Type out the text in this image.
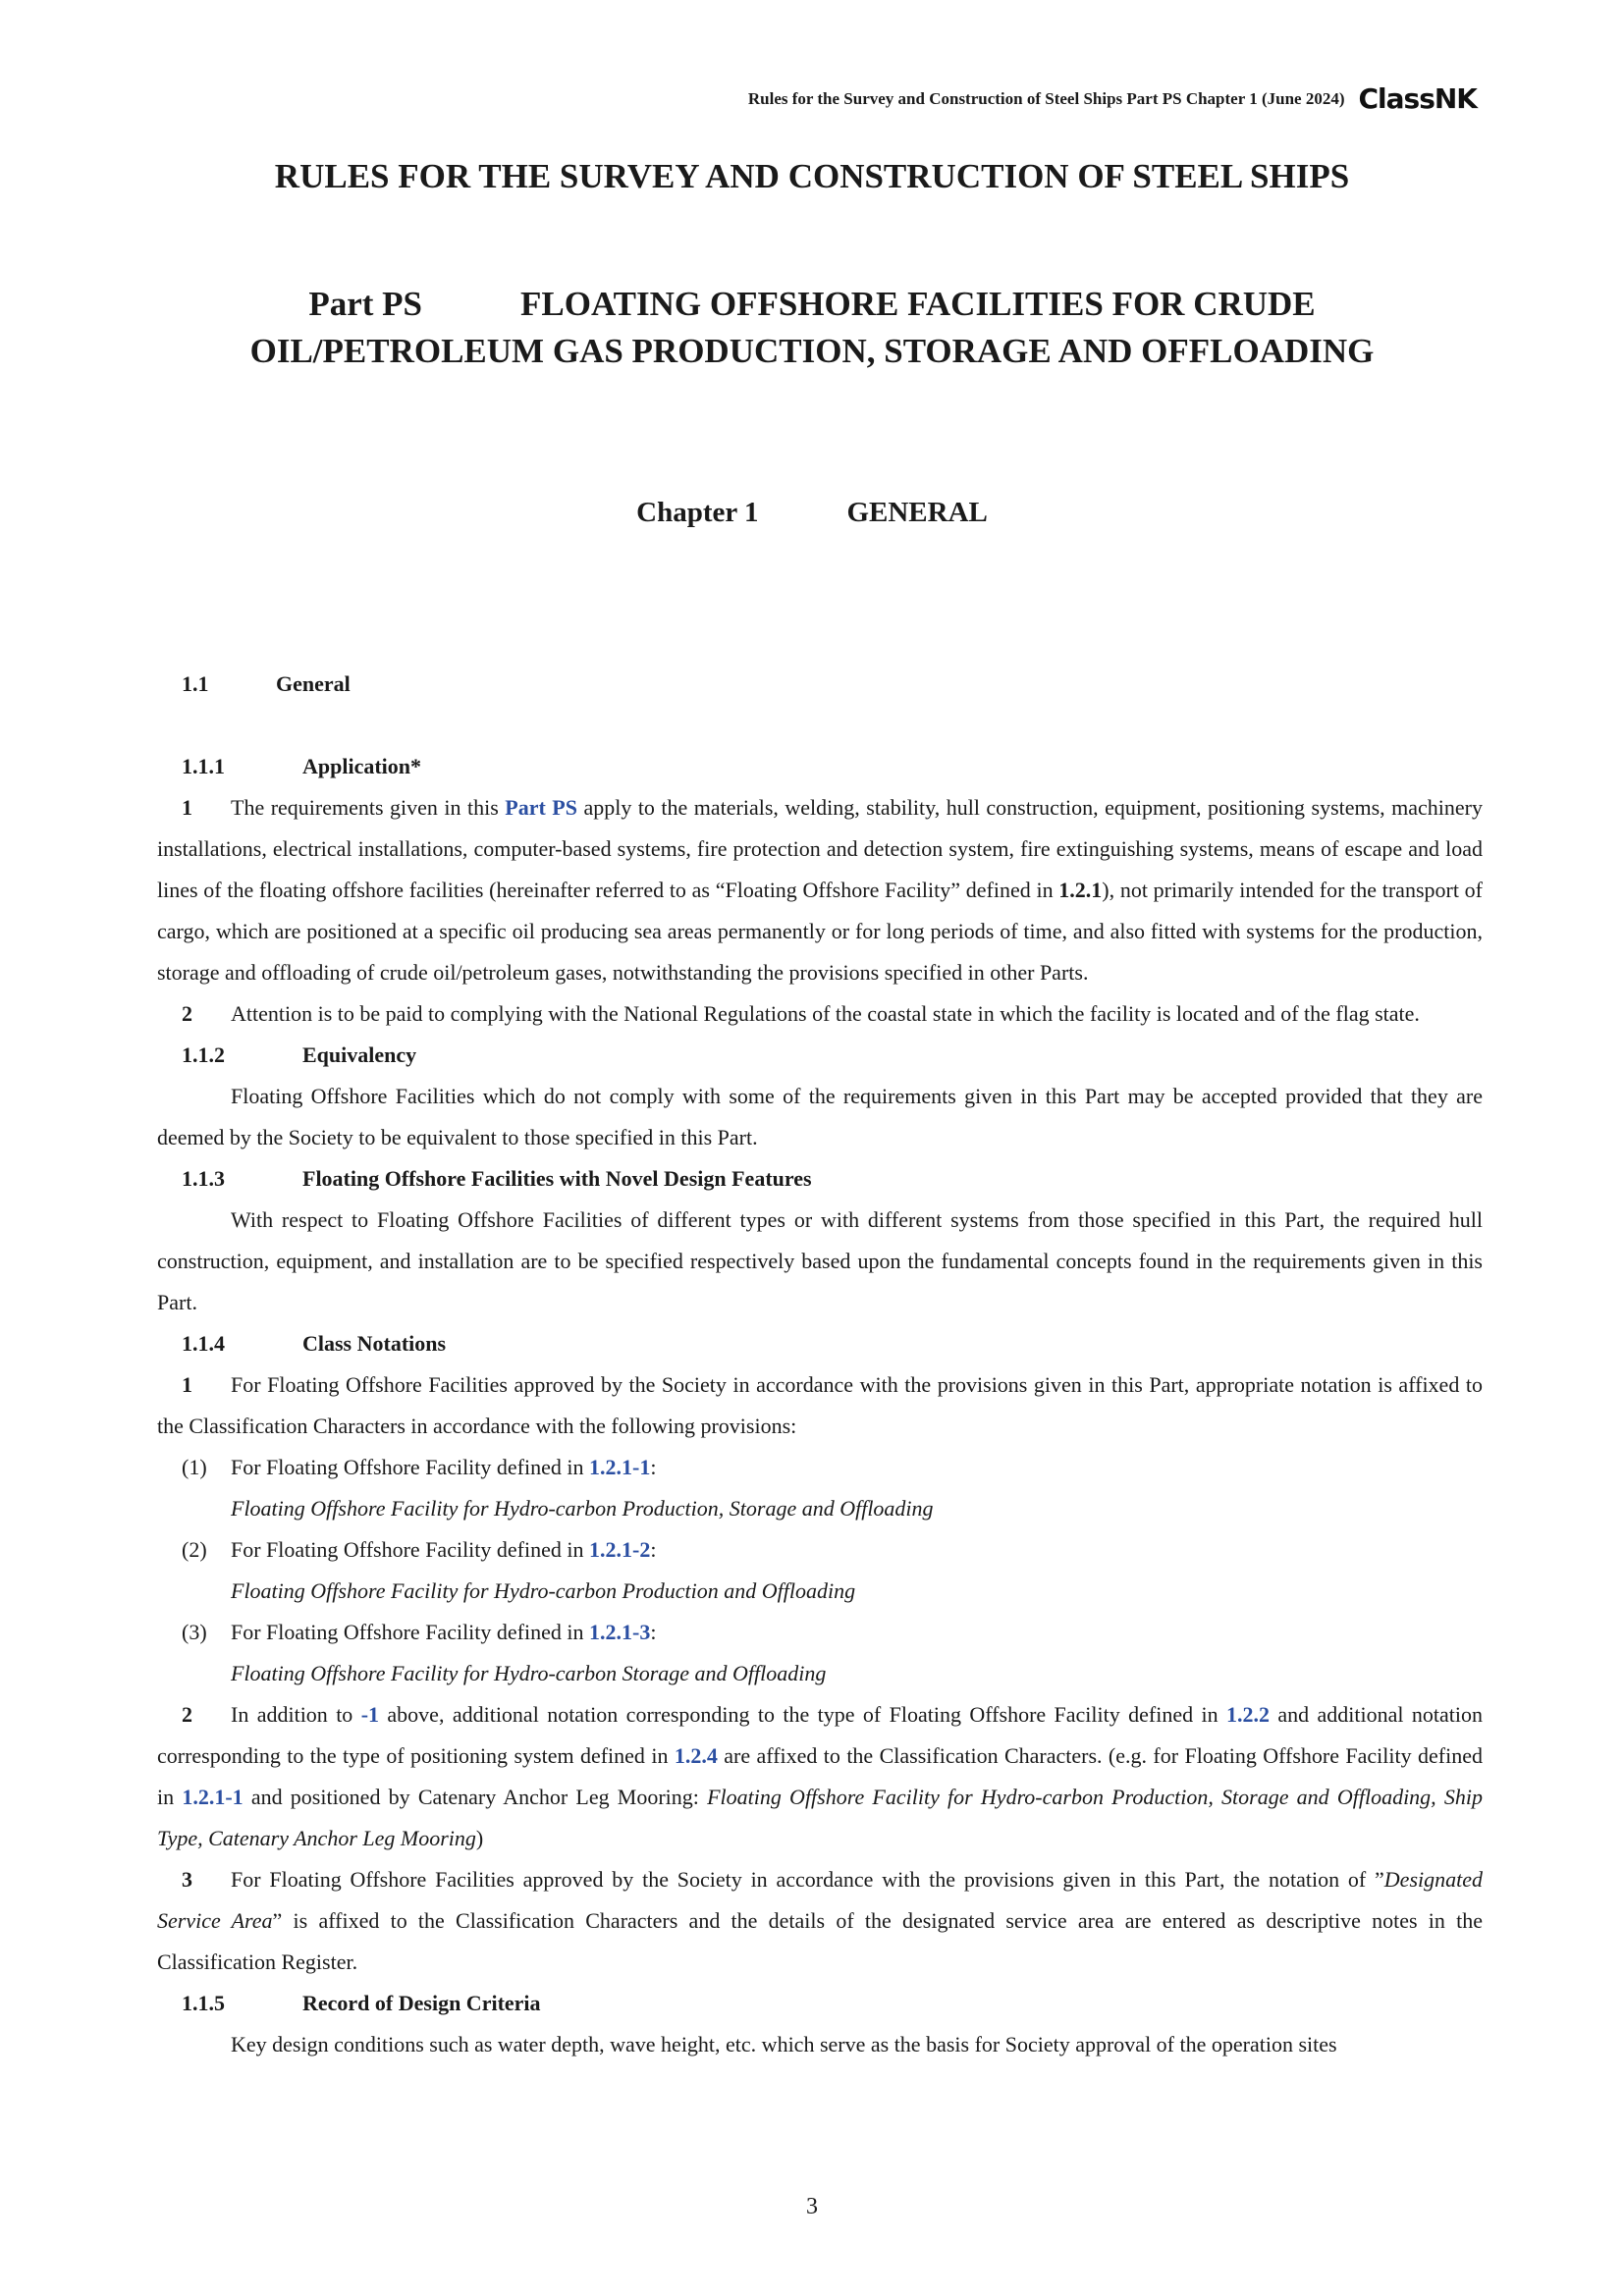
Rules for the Survey and Construction of Steel Ships Part PS Chapter 1 (June 2024) ClassNK
RULES FOR THE SURVEY AND CONSTRUCTION OF STEEL SHIPS
Part PS	FLOATING OFFSHORE FACILITIES FOR CRUDE
OIL/PETROLEUM GAS PRODUCTION, STORAGE AND OFFLOADING
Chapter 1	GENERAL
1.1	General
1.1.1	Application*
1 The requirements given in this Part PS apply to the materials, welding, stability, hull construction, equipment, positioning systems, machinery installations, electrical installations, computer-based systems, fire protection and detection system, fire extinguishing systems, means of escape and load lines of the floating offshore facilities (hereinafter referred to as “Floating Offshore Facility” defined in 1.2.1), not primarily intended for the transport of cargo, which are positioned at a specific oil producing sea areas permanently or for long periods of time, and also fitted with systems for the production, storage and offloading of crude oil/petroleum gases, notwithstanding the provisions specified in other Parts.
2 Attention is to be paid to complying with the National Regulations of the coastal state in which the facility is located and of the flag state.
1.1.2	Equivalency
Floating Offshore Facilities which do not comply with some of the requirements given in this Part may be accepted provided that they are deemed by the Society to be equivalent to those specified in this Part.
1.1.3	Floating Offshore Facilities with Novel Design Features
With respect to Floating Offshore Facilities of different types or with different systems from those specified in this Part, the required hull construction, equipment, and installation are to be specified respectively based upon the fundamental concepts found in the requirements given in this Part.
1.1.4	Class Notations
1 For Floating Offshore Facilities approved by the Society in accordance with the provisions given in this Part, appropriate notation is affixed to the Classification Characters in accordance with the following provisions:
(1) For Floating Offshore Facility defined in 1.2.1-1:
Floating Offshore Facility for Hydro-carbon Production, Storage and Offloading
(2) For Floating Offshore Facility defined in 1.2.1-2:
Floating Offshore Facility for Hydro-carbon Production and Offloading
(3) For Floating Offshore Facility defined in 1.2.1-3:
Floating Offshore Facility for Hydro-carbon Storage and Offloading
2 In addition to -1 above, additional notation corresponding to the type of Floating Offshore Facility defined in 1.2.2 and additional notation corresponding to the type of positioning system defined in 1.2.4 are affixed to the Classification Characters. (e.g. for Floating Offshore Facility defined in 1.2.1-1 and positioned by Catenary Anchor Leg Mooring: Floating Offshore Facility for Hydro-carbon Production, Storage and Offloading, Ship Type, Catenary Anchor Leg Mooring)
3 For Floating Offshore Facilities approved by the Society in accordance with the provisions given in this Part, the notation of ”Designated Service Area” is affixed to the Classification Characters and the details of the designated service area are entered as descriptive notes in the Classification Register.
1.1.5	Record of Design Criteria
Key design conditions such as water depth, wave height, etc. which serve as the basis for Society approval of the operation sites
3
